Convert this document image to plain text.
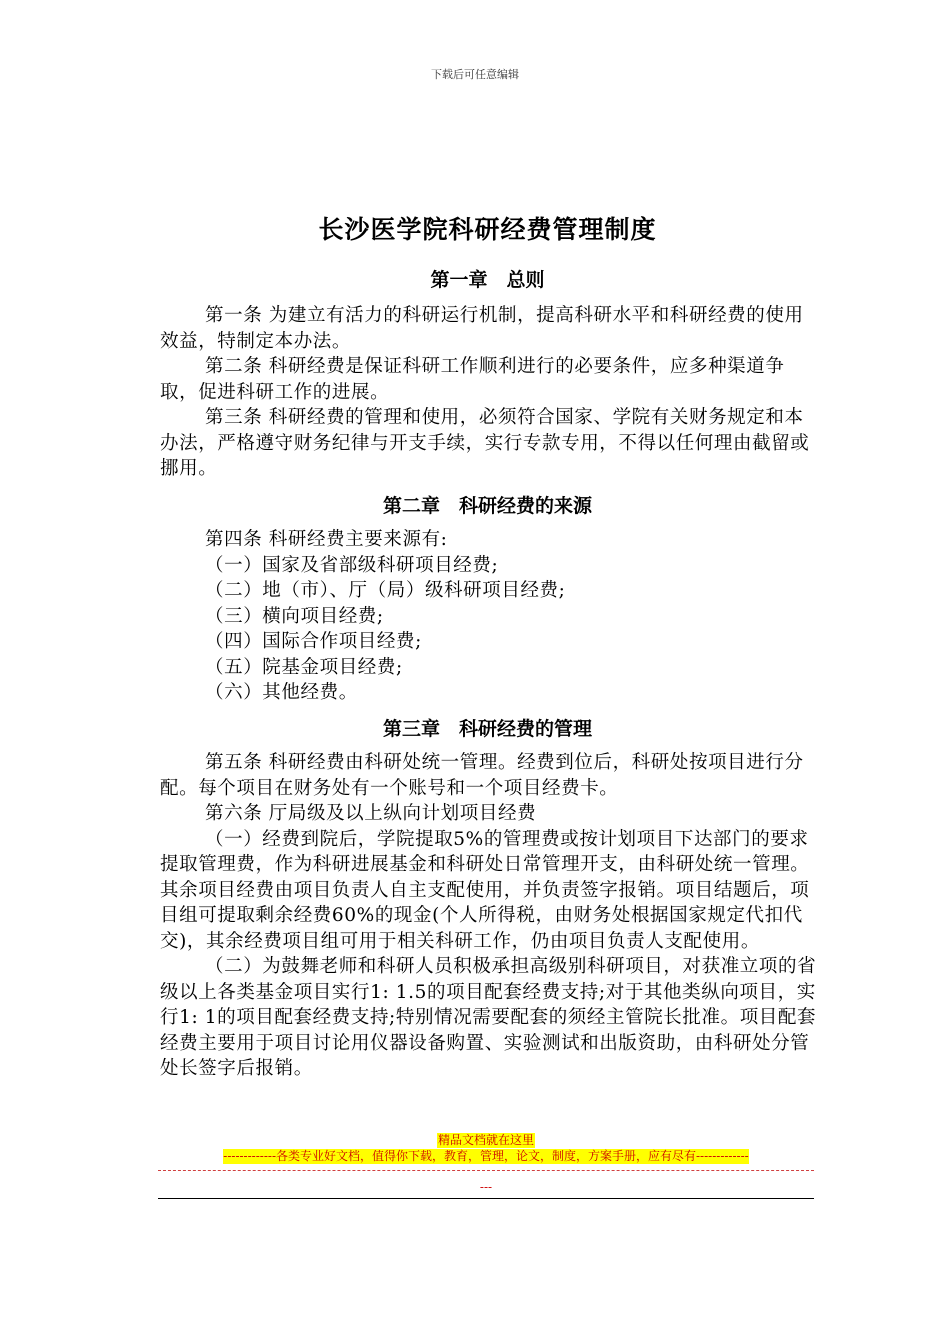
下载后可任意编辑
长沙医学院科研经费管理制度
第一章　总则

第一条 为建立有活力的科研运行机制，提高科研水平和科研经费的使用效益，特制定本办法。

第二条 科研经费是保证科研工作顺利进行的必要条件，应多种渠道争取，促进科研工作的进展。

第三条 科研经费的管理和使用，必须符合国家、学院有关财务规定和本办法，严格遵守财务纪律与开支手续，实行专款专用，不得以任何理由截留或挪用。

第二章　科研经费的来源

第四条 科研经费主要来源有:

（一）国家及省部级科研项目经费;

（二）地（市）、厅（局）级科研项目经费;

（三）横向项目经费;

（四）国际合作项目经费;

（五）院基金项目经费;

（六）其他经费。

第三章　科研经费的管理

第五条 科研经费由科研处统一管理。经费到位后，科研处按项目进行分配。每个项目在财务处有一个账号和一个项目经费卡。

第六条 厅局级及以上纵向计划项目经费

（一）经费到院后，学院提取5%的管理费或按计划项目下达部门的要求提取管理费，作为科研进展基金和科研处日常管理开支，由科研处统一管理。其余项目经费由项目负责人自主支配使用，并负责签字报销。项目结题后，项目组可提取剩余经费60%的现金(个人所得税，由财务处根据国家规定代扣代交)，其余经费项目组可用于相关科研工作，仍由项目负责人支配使用。

（二）为鼓舞老师和科研人员积极承担高级别科研项目，对获准立项的省级以上各类基金项目实行1: 1.5的项目配套经费支持;对于其他类纵向项目，实行1: 1的项目配套经费支持;特别情况需要配套的须经主管院长批准。项目配套经费主要用于项目讨论用仪器设备购置、实验测试和出版资助，由科研处分管处长签字后报销。

精品文档就在这里
-------------各类专业好文档，值得你下载，教育，管理，论文，制度，方案手册，应有尽有-------------
---
